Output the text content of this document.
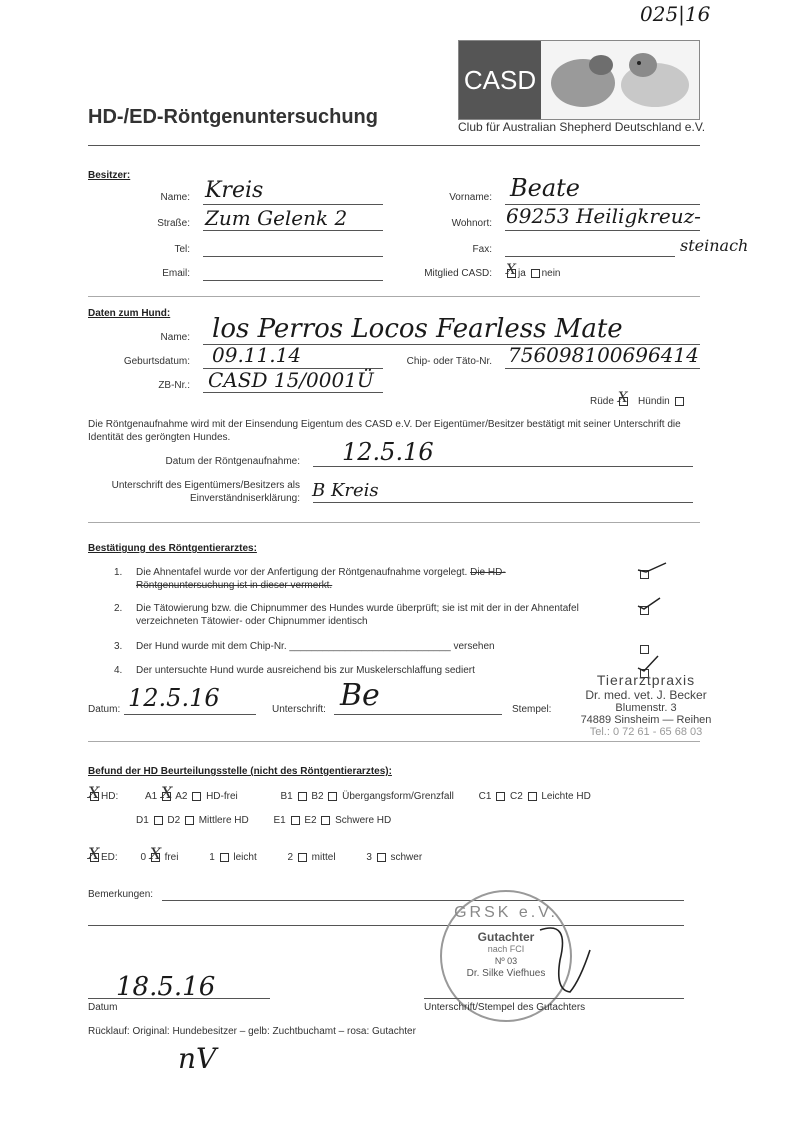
025|16
CASD
Club für Australian Shepherd Deutschland e.V.
HD-/ED-Röntgenuntersuchung
Besitzer:
Name: Kreis	Vorname: Beate
Straße: Zum Gelenk 2	Wohnort: 69253 Heiligkreuz-
steinach
Tel:	Fax:
Email:	Mitglied CASD: X ja nein
Daten zum Hund:
Name: los Perros Locos Fearless Mate
Geburtsdatum: 09.11.14	Chip- oder Täto-Nr. 756098100696414
ZB-Nr.: CASD 15/0001Ü
Rüde X Hündin
Die Röntgenaufnahme wird mit der Einsendung Eigentum des CASD e.V. Der Eigentümer/Besitzer bestätigt mit seiner Unterschrift die Identität des geröngten Hundes.
Datum der Röntgenaufnahme: 12.5.16
Unterschrift des Eigentümers/Besitzers als
Einverständniserklärung: B Kreis
Bestätigung des Röntgentierarztes:
1. Die Ahnentafel wurde vor der Anfertigung der Röntgenaufnahme vorgelegt. Die HD-
Röntgenuntersuchung ist in dieser vermerkt.
2. Die Tätowierung bzw. die Chipnummer des Hundes wurde überprüft; sie ist mit der in der Ahnentafel
verzeichneten Tätowier- oder Chipnummer identisch
3. Der Hund wurde mit dem Chip-Nr. _____________________________ versehen
4. Der untersuchte Hund wurde ausreichend bis zur Muskelerschlaffung sediert
Datum: 12.5.16	Unterschrift: Be	Stempel:
Tierarztpraxis
Dr. med. vet. J. Becker
Blumenstr. 3
74889 Sinsheim — Reihen
Tel.: 0 72 61 - 65 68 03
Befund der HD Beurteilungsstelle (nicht des Röntgentierarztes):
X HD:	A1 X A2 HD-frei	B1 B2 Übergangsform/Grenzfall C1 C2 Leichte HD
D1 D2 Mittlere HD E1 E2 Schwere HD
X ED: 0 X frei	1 leicht	2 mittel	3 schwer
Bemerkungen:
18.5.16
Datum
GRSK e.V.
Gutachter
nach FCI
Nº 03
Dr. Silke Viefhues
Unterschrift/Stempel des Gutachters
Rücklauf: Original: Hundebesitzer – gelb: Zuchtbuchamt – rosa: Gutachter
nV
